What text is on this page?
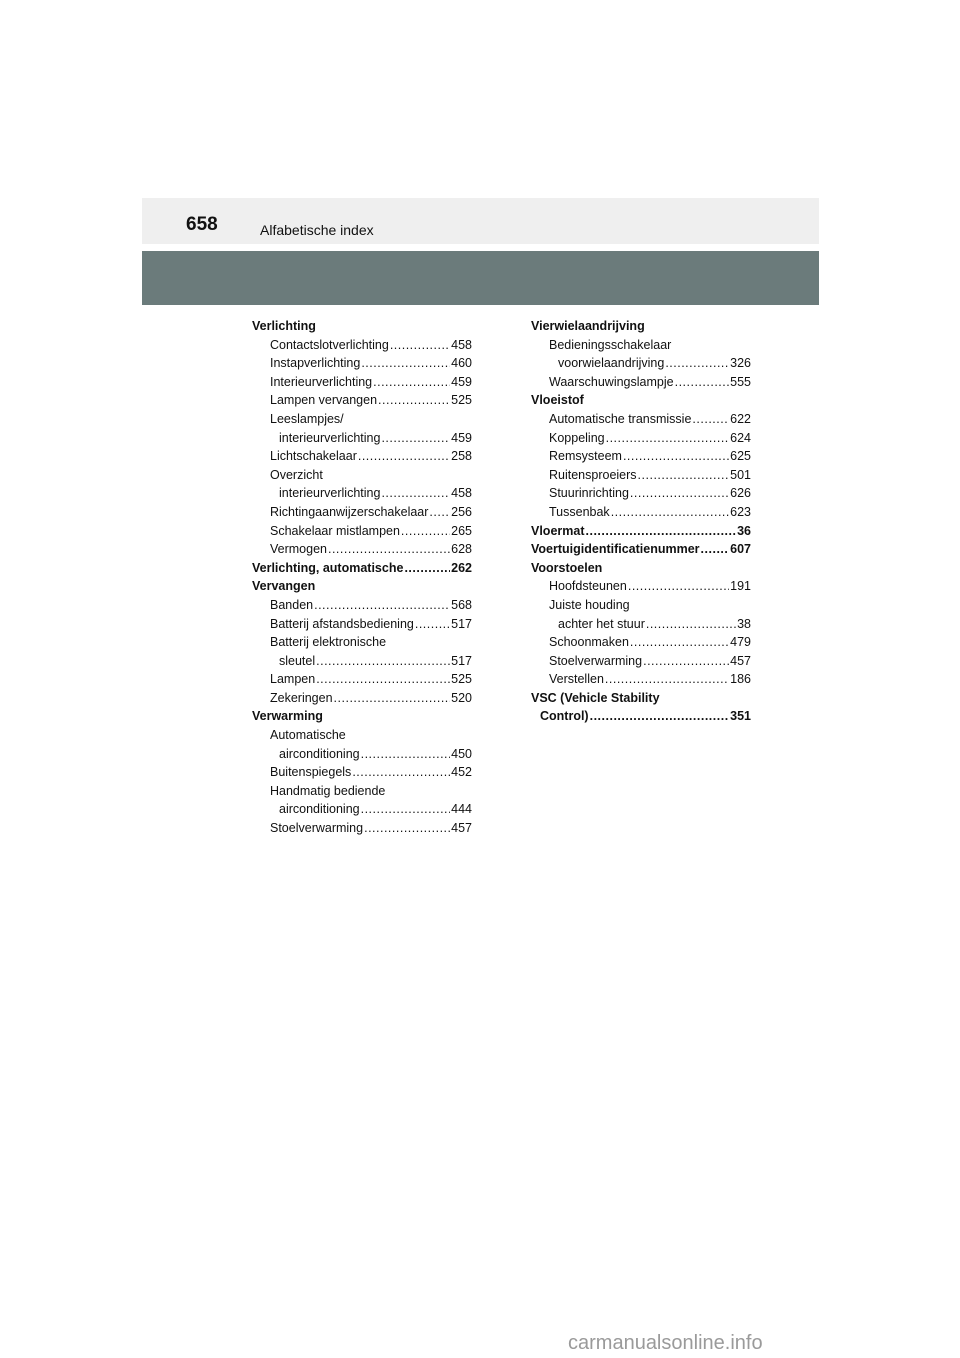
658	Alfabetische index
Verlichting
Contactslotverlichting .....	458
Instapverlichting .....	460
Interieurverlichting .....	459
Lampen vervangen .....	525
Leeslampjes/
interieurverlichting .....	459
Lichtschakelaar .....	258
Overzicht
interieurverlichting .....	458
Richtingaanwijzerschakelaar ..... 256
Schakelaar mistlampen .....	265
Vermogen .....	628
Verlichting, automatische .....	262
Vervangen
Banden .....	568
Batterij afstandsbediening .....	517
Batterij elektronische
sleutel .....	517
Lampen .....	525
Zekeringen .....	520
Verwarming
Automatische
airconditioning .....	450
Buitenspiegels .....	452
Handmatig bediende
airconditioning .....	444
Stoelverwarming .....	457
Vierwielaandrijving
Bedieningsschakelaar
voorwielaandrijving .....	326
Waarschuwingslampje .....	555
Vloeistof
Automatische transmissie .....	622
Koppeling .....	624
Remsysteem .....	625
Ruitensproeiers .....	501
Stuurinrichting .....	626
Tussenbak .....	623
Vloermat .....	36
Voertuigidentificatienummer ..... 607
Voorstoelen
Hoofdsteunen .....	191
Juiste houding
achter het stuur .....	38
Schoonmaken .....	479
Stoelverwarming .....	457
Verstellen .....	186
VSC (Vehicle Stability
Control) .....	351
carmanualsonline.info
